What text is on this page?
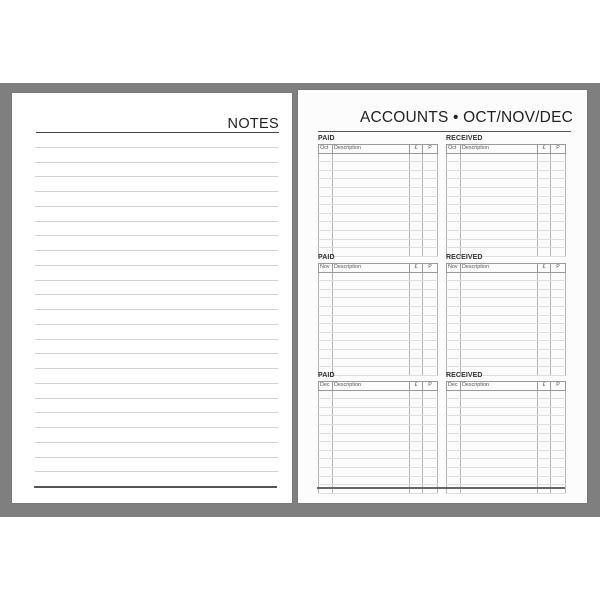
NOTES	ACCOUNTS • OCT/NOV/DEC
PAID
Oct	Description	£	P

RECEIVED
Oct	Description	£	P

PAID
Nov	Description	£	P

RECEIVED
Nov	Description	£	P

PAID
Dec	Description	£	P

RECEIVED
Dec	Description	£	P
